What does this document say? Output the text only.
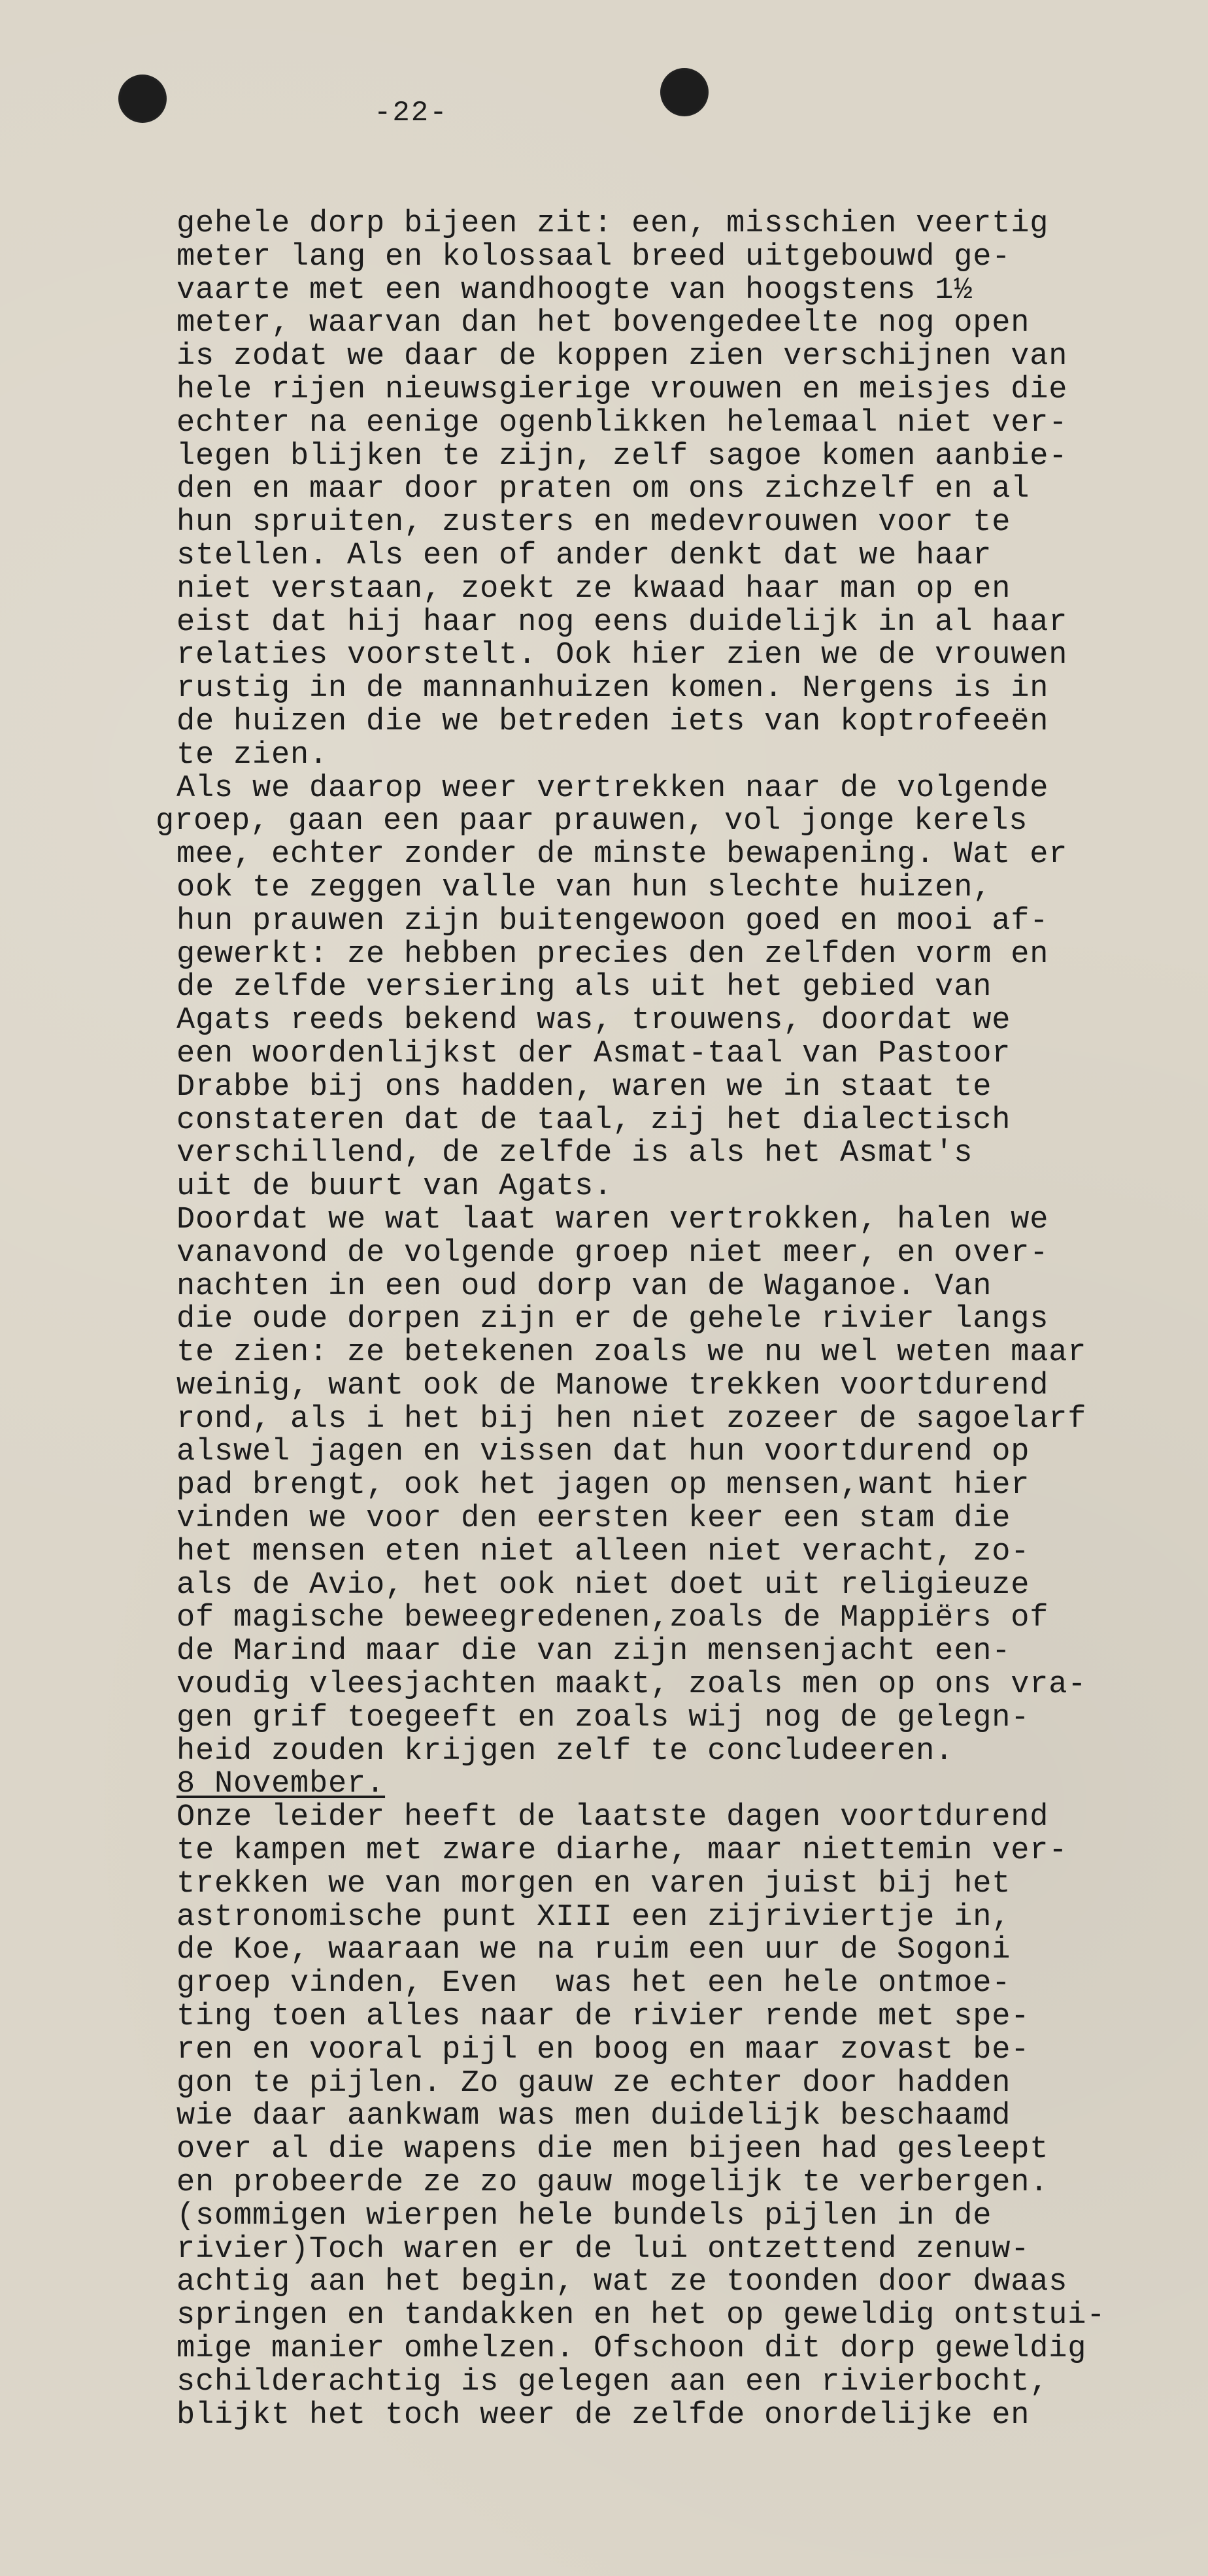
-22-
gehele dorp bijeen zit: een, misschien veertig
meter lang en kolossaal breed uitgebouwd ge-
vaarte met een wandhoogte van hoogstens 1½
meter, waarvan dan het bovengedeelte nog open
is zodat we daar de koppen zien verschijnen van
hele rijen nieuwsgierige vrouwen en meisjes die
echter na eenige ogenblikken helemaal niet ver-
legen blijken te zijn, zelf sagoe komen aanbie-
den en maar door praten om ons zichzelf en al
hun spruiten, zusters en medevrouwen voor te
stellen. Als een of ander denkt dat we haar
niet verstaan, zoekt ze kwaad haar man op en
eist dat hij haar nog eens duidelijk in al haar
relaties voorstelt. Ook hier zien we de vrouwen
rustig in de mannanhuizen komen. Nergens is in
de huizen die we betreden iets van koptrofeeën
te zien.
Als we daarop weer vertrekken naar de volgende
groep, gaan een paar prauwen, vol jonge kerels
mee, echter zonder de minste bewapening. Wat er
ook te zeggen valle van hun slechte huizen,
hun prauwen zijn buitengewoon goed en mooi af-
gewerkt: ze hebben precies den zelfden vorm en
de zelfde versiering als uit het gebied van
Agats reeds bekend was, trouwens, doordat we
een woordenlijkst der Asmat-taal van Pastoor
Drabbe bij ons hadden, waren we in staat te
constateren dat de taal, zij het dialectisch
verschillend, de zelfde is als het Asmat's
uit de buurt van Agats.
Doordat we wat laat waren vertrokken, halen we
vanavond de volgende groep niet meer, en over-
nachten in een oud dorp van de Waganoe. Van
die oude dorpen zijn er de gehele rivier langs
te zien: ze betekenen zoals we nu wel weten maar
weinig, want ook de Manowe trekken voortdurend
rond, als i het bij hen niet zozeer de sagoelarf
alswel jagen en vissen dat hun voortdurend op
pad brengt, ook het jagen op mensen,want hier
vinden we voor den eersten keer een stam die
het mensen eten niet alleen niet veracht, zo-
als de Avio, het ook niet doet uit religieuze
of magische beweegredenen,zoals de Mappiërs of
de Marind maar die van zijn mensenjacht een-
voudig vleesjachten maakt, zoals men op ons vra-
gen grif toegeeft en zoals wij nog de gelegn-
heid zouden krijgen zelf te concludeeren.
8 November.
Onze leider heeft de laatste dagen voortdurend
te kampen met zware diarhe, maar niettemin ver-
trekken we van morgen en varen juist bij het
astronomische punt XIII een zijriviertje in,
de Koe, waaraan we na ruim een uur de Sogoni
groep vinden, Even  was het een hele ontmoe-
ting toen alles naar de rivier rende met spe-
ren en vooral pijl en boog en maar zovast be-
gon te pijlen. Zo gauw ze echter door hadden
wie daar aankwam was men duidelijk beschaamd
over al die wapens die men bijeen had gesleept
en probeerde ze zo gauw mogelijk te verbergen.
(sommigen wierpen hele bundels pijlen in de
rivier)Toch waren er de lui ontzettend zenuw-
achtig aan het begin, wat ze toonden door dwaas
springen en tandakken en het op geweldig ontstui-
mige manier omhelzen. Ofschoon dit dorp geweldig
schilderachtig is gelegen aan een rivierbocht,
blijkt het toch weer de zelfde onordelijke en
